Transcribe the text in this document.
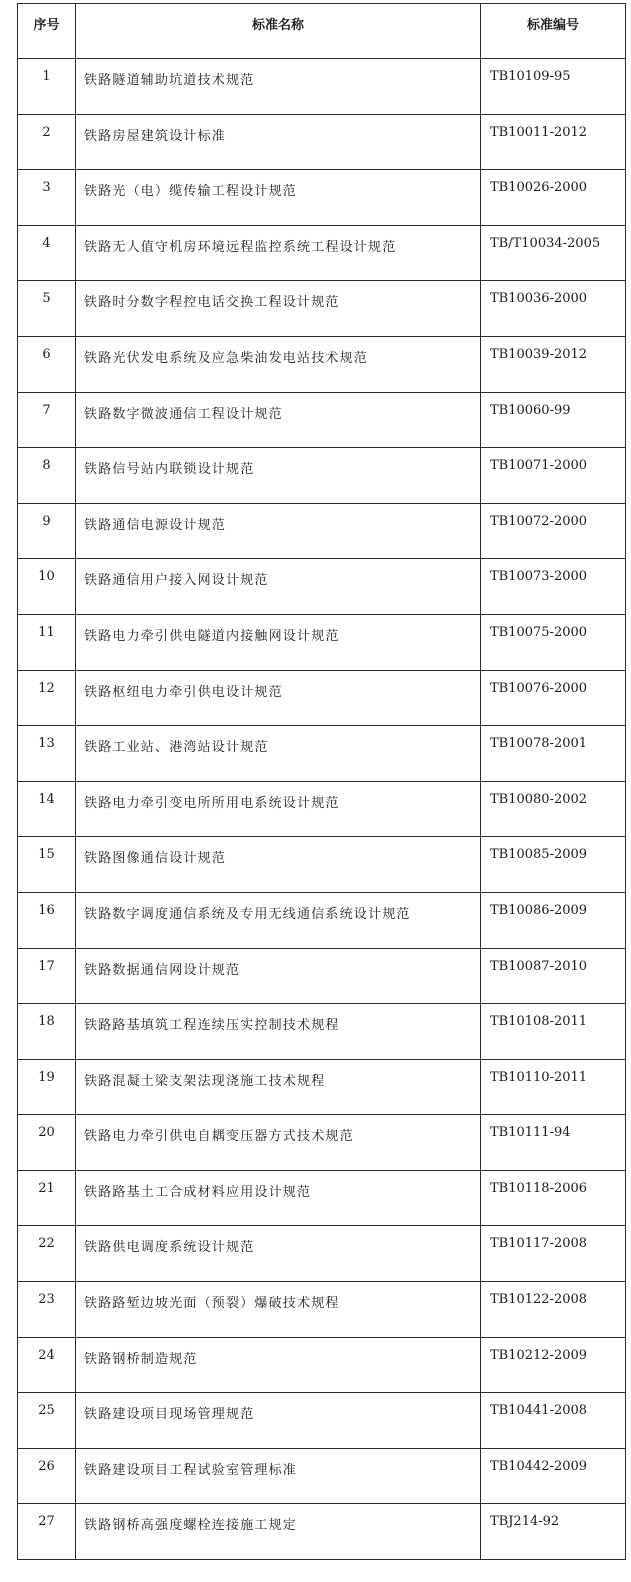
序号	标准名称	标准编号
1	铁路隧道辅助坑道技术规范	TB10109-95
2	铁路房屋建筑设计标准	TB10011-2012
3	铁路光（电）缆传输工程设计规范	TB10026-2000
4	铁路无人值守机房环境远程监控系统工程设计规范	TB/T10034-2005
5	铁路时分数字程控电话交换工程设计规范	TB10036-2000
6	铁路光伏发电系统及应急柴油发电站技术规范	TB10039-2012
7	铁路数字微波通信工程设计规范	TB10060-99
8	铁路信号站内联锁设计规范	TB10071-2000
9	铁路通信电源设计规范	TB10072-2000
10	铁路通信用户接入网设计规范	TB10073-2000
11	铁路电力牵引供电隧道内接触网设计规范	TB10075-2000
12	铁路枢纽电力牵引供电设计规范	TB10076-2000
13	铁路工业站、港湾站设计规范	TB10078-2001
14	铁路电力牵引变电所所用电系统设计规范	TB10080-2002
15	铁路图像通信设计规范	TB10085-2009
16	铁路数字调度通信系统及专用无线通信系统设计规范	TB10086-2009
17	铁路数据通信网设计规范	TB10087-2010
18	铁路路基填筑工程连续压实控制技术规程	TB10108-2011
19	铁路混凝土梁支架法现浇施工技术规程	TB10110-2011
20	铁路电力牵引供电自耦变压器方式技术规范	TB10111-94
21	铁路路基土工合成材料应用设计规范	TB10118-2006
22	铁路供电调度系统设计规范	TB10117-2008
23	铁路路堑边坡光面（预裂）爆破技术规程	TB10122-2008
24	铁路钢桥制造规范	TB10212-2009
25	铁路建设项目现场管理规范	TB10441-2008
26	铁路建设项目工程试验室管理标准	TB10442-2009
27	铁路钢桥高强度螺栓连接施工规定	TBJ214-92
